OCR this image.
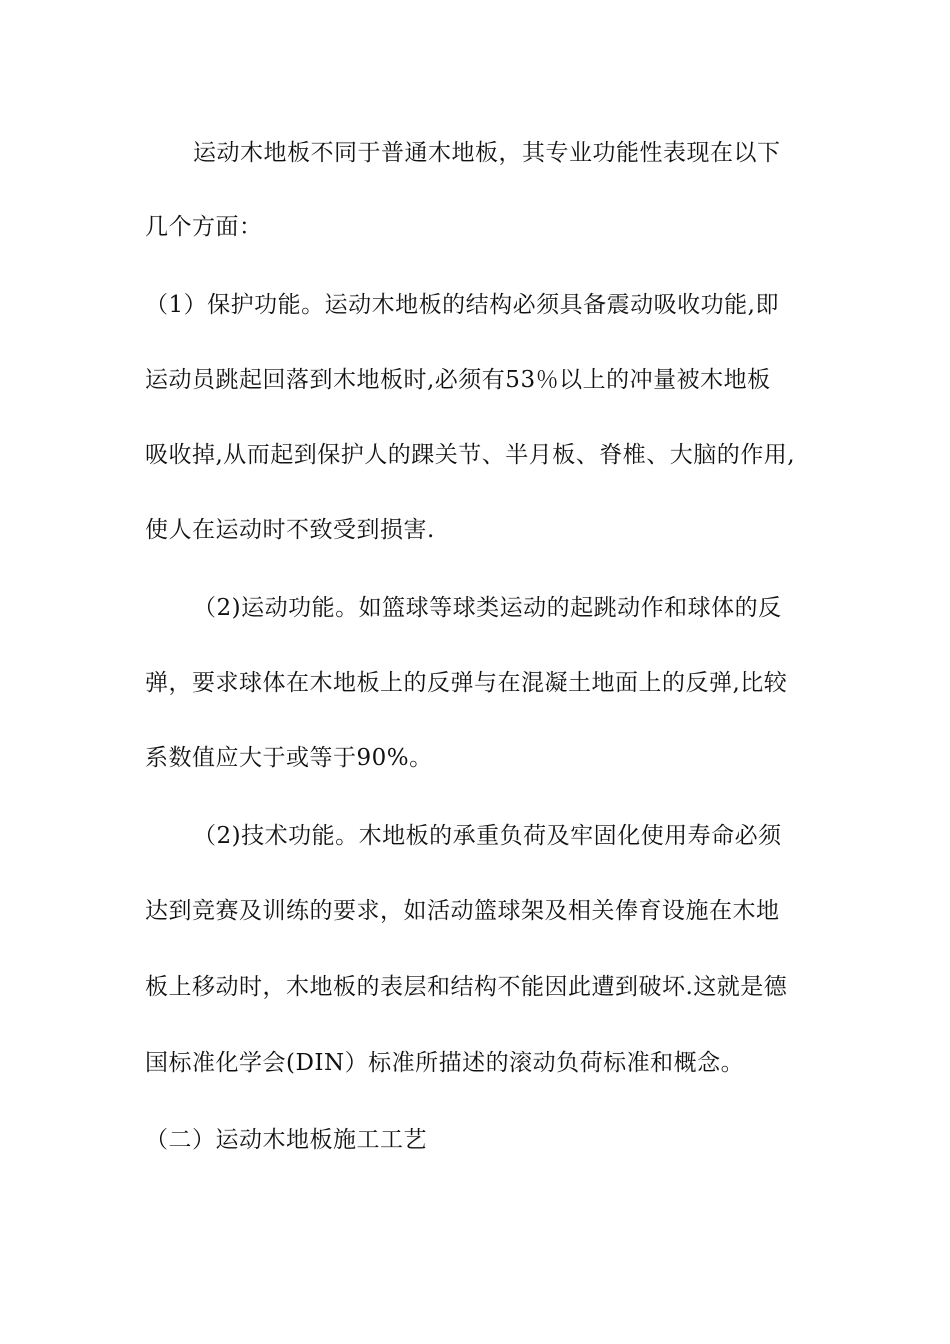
运动木地板不同于普通木地板，其专业功能性表现在以下
几个方面：
（1）保护功能。运动木地板的结构必须具备震动吸收功能,即
运动员跳起回落到木地板时,必须有53％以上的冲量被木地板
吸收掉,从而起到保护人的踝关节、半月板、脊椎、大脑的作用,
使人在运动时不致受到损害.
（2)运动功能。如篮球等球类运动的起跳动作和球体的反
弹，要求球体在木地板上的反弹与在混凝土地面上的反弹,比较
系数值应大于或等于90%。
（2)技术功能。木地板的承重负荷及牢固化使用寿命必须
达到竞赛及训练的要求，如活动篮球架及相关俸育设施在木地
板上移动时，木地板的表层和结构不能因此遭到破坏.这就是德
国标准化学会(DIN）标准所描述的滚动负荷标准和概念。
（二）运动木地板施工工艺
